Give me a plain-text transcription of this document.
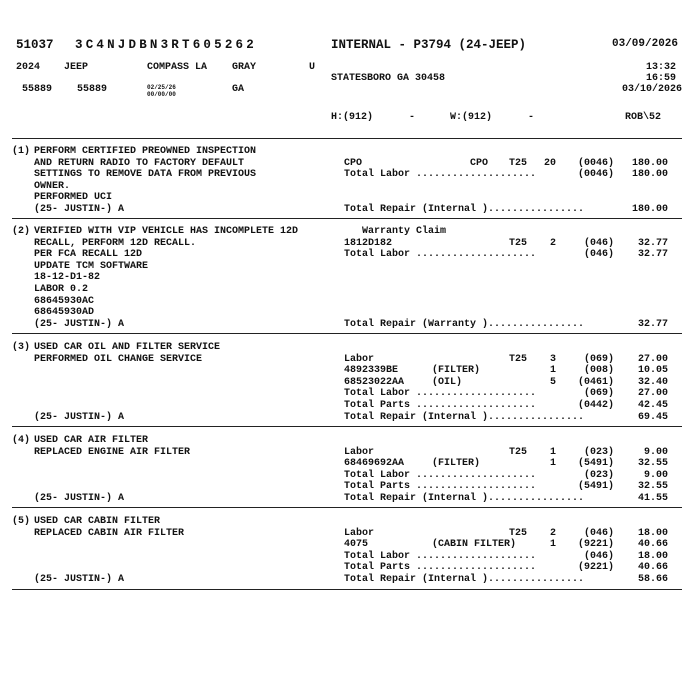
51037 3C4NJDBN3RT605262	INTERNAL - P3794 (24-JEEP)	03/09/2026
2024 JEEP	COMPASS LA GRAY	U	13:32
16:59
STATESBORO GA 30458
03/10/2026
55889 55889	02/25/26
00/00/00	GA
H:(912)      -	W:(912)      -	ROB\52
(1) PERFORM CERTIFIED PREOWNED INSPECTION
AND RETURN RADIO TO FACTORY DEFAULT
SETTINGS TO REMOVE DATA FROM PREVIOUS
OWNER.
PERFORMED UCI
(25- JUSTIN-) A
CPO	CPO T25	20	(0046)	180.00
Total Labor ....................	(0046)	180.00
Total Repair (Internal )................	180.00
(2) VERIFIED WITH VIP VEHICLE HAS INCOMPLETE 12D
RECALL, PERFORM 12D RECALL.
PER FCA RECALL 12D
UPDATE TCM SOFTWARE
18-12-D1-82
LABOR 0.2
68645930AC
68645930AD
(25- JUSTIN-) A
Warranty Claim
1812D182	T25	2	(046)	32.77
Total Labor ....................	(046)	32.77
Total Repair (Warranty )................	32.77
(3) USED CAR OIL AND FILTER SERVICE
PERFORMED OIL CHANGE SERVICE
(25- JUSTIN-) A
Labor	T25	3	(069)	27.00
4892339BE	(FILTER)	1	(008)	10.05
68523022AA	(OIL)	5	(0461)	32.40
Total Labor ....................	(069)	27.00
Total Parts ....................	(0442)	42.45
Total Repair (Internal )................	69.45
(4) USED CAR AIR FILTER
REPLACED ENGINE AIR FILTER
(25- JUSTIN-) A
Labor	T25	1	(023)	9.00
68469692AA	(FILTER)	1	(5491)	32.55
Total Labor ....................	(023)	9.00
Total Parts ....................	(5491)	32.55
Total Repair (Internal )................	41.55
(5) USED CAR CABIN FILTER
REPLACED CABIN AIR FILTER
(25- JUSTIN-) A
Labor	T25	2	(046)	18.00
4075	(CABIN FILTER)	1	(9221)	40.66
Total Labor ....................	(046)	18.00
Total Parts ....................	(9221)	40.66
Total Repair (Internal )................	58.66
